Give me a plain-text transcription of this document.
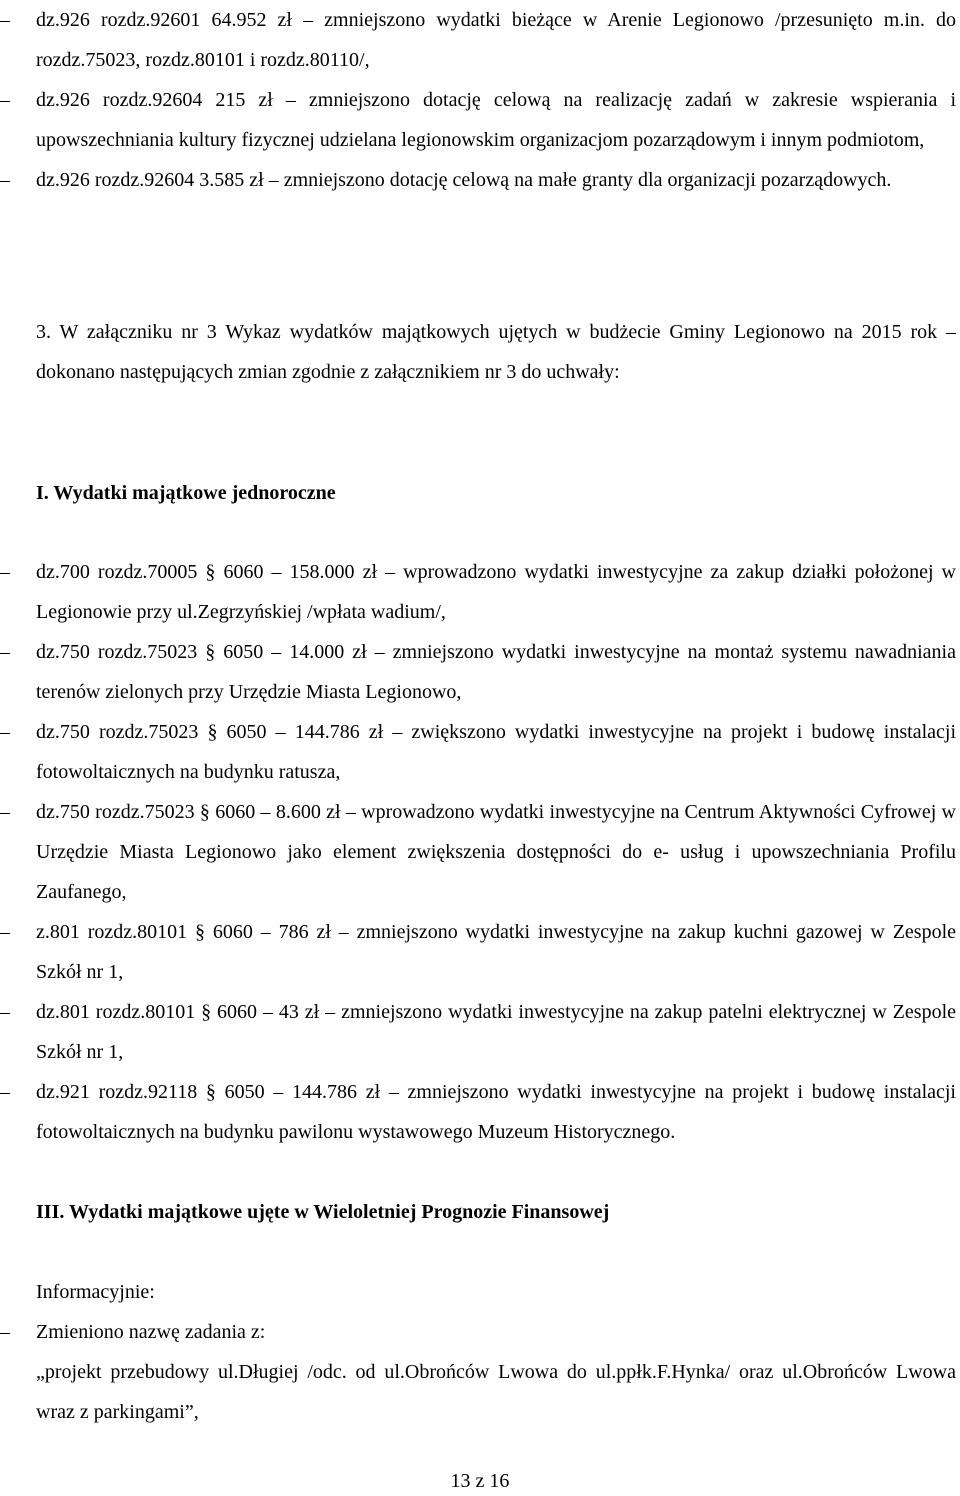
–	dz.926 rozdz.92601 64.952 zł – zmniejszono wydatki bieżące w Arenie Legionowo /przesunięto m.in. do rozdz.75023, rozdz.80101 i rozdz.80110/,
–	dz.926 rozdz.92604 215 zł – zmniejszono dotację celową na realizację zadań w zakresie wspierania i upowszechniania kultury fizycznej udzielana legionowskim organizacjom pozarządowym i innym podmiotom,
–	dz.926 rozdz.92604 3.585 zł – zmniejszono dotację celową na małe granty dla organizacji pozarządowych.
3. W załączniku nr 3 Wykaz wydatków majątkowych ujętych w budżecie Gminy Legionowo na 2015 rok – dokonano następujących zmian zgodnie z załącznikiem nr 3 do uchwały:
I. Wydatki majątkowe jednoroczne
–	dz.700 rozdz.70005 § 6060 – 158.000 zł – wprowadzono wydatki inwestycyjne za zakup działki położonej w Legionowie przy ul.Zegrzyńskiej /wpłata wadium/,
–	dz.750 rozdz.75023 § 6050 – 14.000 zł – zmniejszono wydatki inwestycyjne na montaż systemu nawadniania terenów zielonych przy Urzędzie Miasta Legionowo,
–	dz.750 rozdz.75023 § 6050 – 144.786 zł – zwiększono wydatki inwestycyjne na projekt i budowę instalacji fotowoltaicznych na budynku ratusza,
–	dz.750 rozdz.75023 § 6060 – 8.600 zł – wprowadzono wydatki inwestycyjne na Centrum Aktywności Cyfrowej w Urzędzie Miasta Legionowo jako element zwiększenia dostępności do e- usług i upowszechniania Profilu Zaufanego,
–	z.801 rozdz.80101 § 6060 – 786 zł – zmniejszono wydatki inwestycyjne na zakup kuchni gazowej w Zespole Szkół nr 1,
–	dz.801 rozdz.80101 § 6060 – 43 zł – zmniejszono wydatki inwestycyjne na zakup patelni elektrycznej w Zespole Szkół nr 1,
–	dz.921 rozdz.92118 § 6050 – 144.786 zł – zmniejszono wydatki inwestycyjne na projekt i budowę instalacji fotowoltaicznych na budynku pawilonu wystawowego Muzeum Historycznego.
III. Wydatki majątkowe ujęte w Wieloletniej Prognozie Finansowej
Informacyjnie:
–	Zmieniono nazwę zadania z:
„projekt przebudowy ul.Długiej /odc. od ul.Obrońców Lwowa do ul.ppłk.F.Hynka/ oraz ul.Obrońców Lwowa wraz z parkingami”,
13 z 16
